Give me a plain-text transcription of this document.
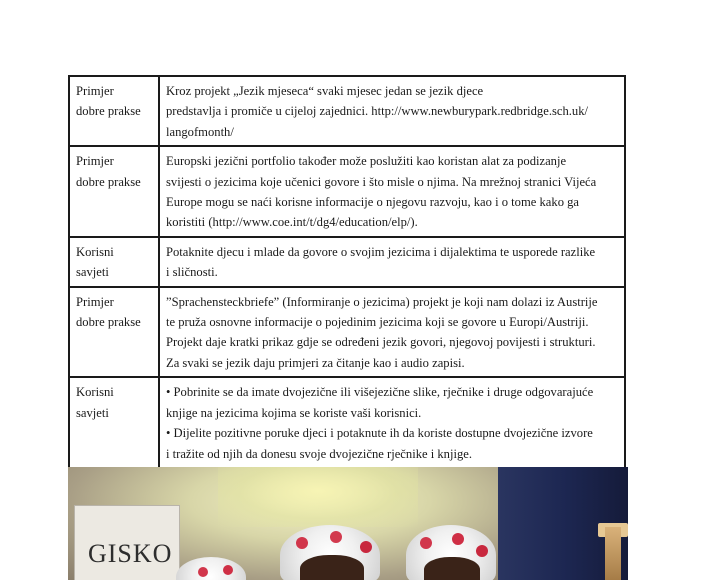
Primjer
dobre prakse	Kroz projekt „Jezik mjeseca“ svaki mjesec jedan se jezik djece
predstavlja i promiče u cijeloj zajednici. http://www.newburypark.redbridge.sch.uk/
langofmonth/

Primjer
dobre prakse	Europski jezični portfolio također može poslužiti kao koristan alat za podizanje
svijesti o jezicima koje učenici govore i što misle o njima. Na mrežnoj stranici Vijeća
Europe mogu se naći korisne informacije o njegovu razvoju, kao i o tome kako ga
koristiti (http://www.coe.int/t/dg4/education/elp/).

Korisni
savjeti	Potaknite djecu i mlade da govore o svojim jezicima i dijalektima te usporede razlike
i sličnosti.

Primjer
dobre prakse	”Sprachensteckbriefe” (Informiranje o jezicima) projekt je koji nam dolazi iz Austrije
te pruža osnovne informacije o pojedinim jezicima koji se govore u Europi/Austriji.
Projekt daje kratki prikaz gdje se određeni jezik govori, njegovoj povijesti i strukturi.
Za svaki se jezik daju primjeri za čitanje kao i audio zapisi.

Korisni
savjeti	• Pobrinite se da imate dvojezične ili višejezične slike, rječnike i druge odgovarajuće
knjige na jezicima kojima se koriste vaši korisnici.
• Dijelite pozitivne poruke djeci i potaknute ih da koriste dostupne dvojezične izvore
i tražite od njih da donesu svoje dvojezične rječnike i knjige.
GISKO
